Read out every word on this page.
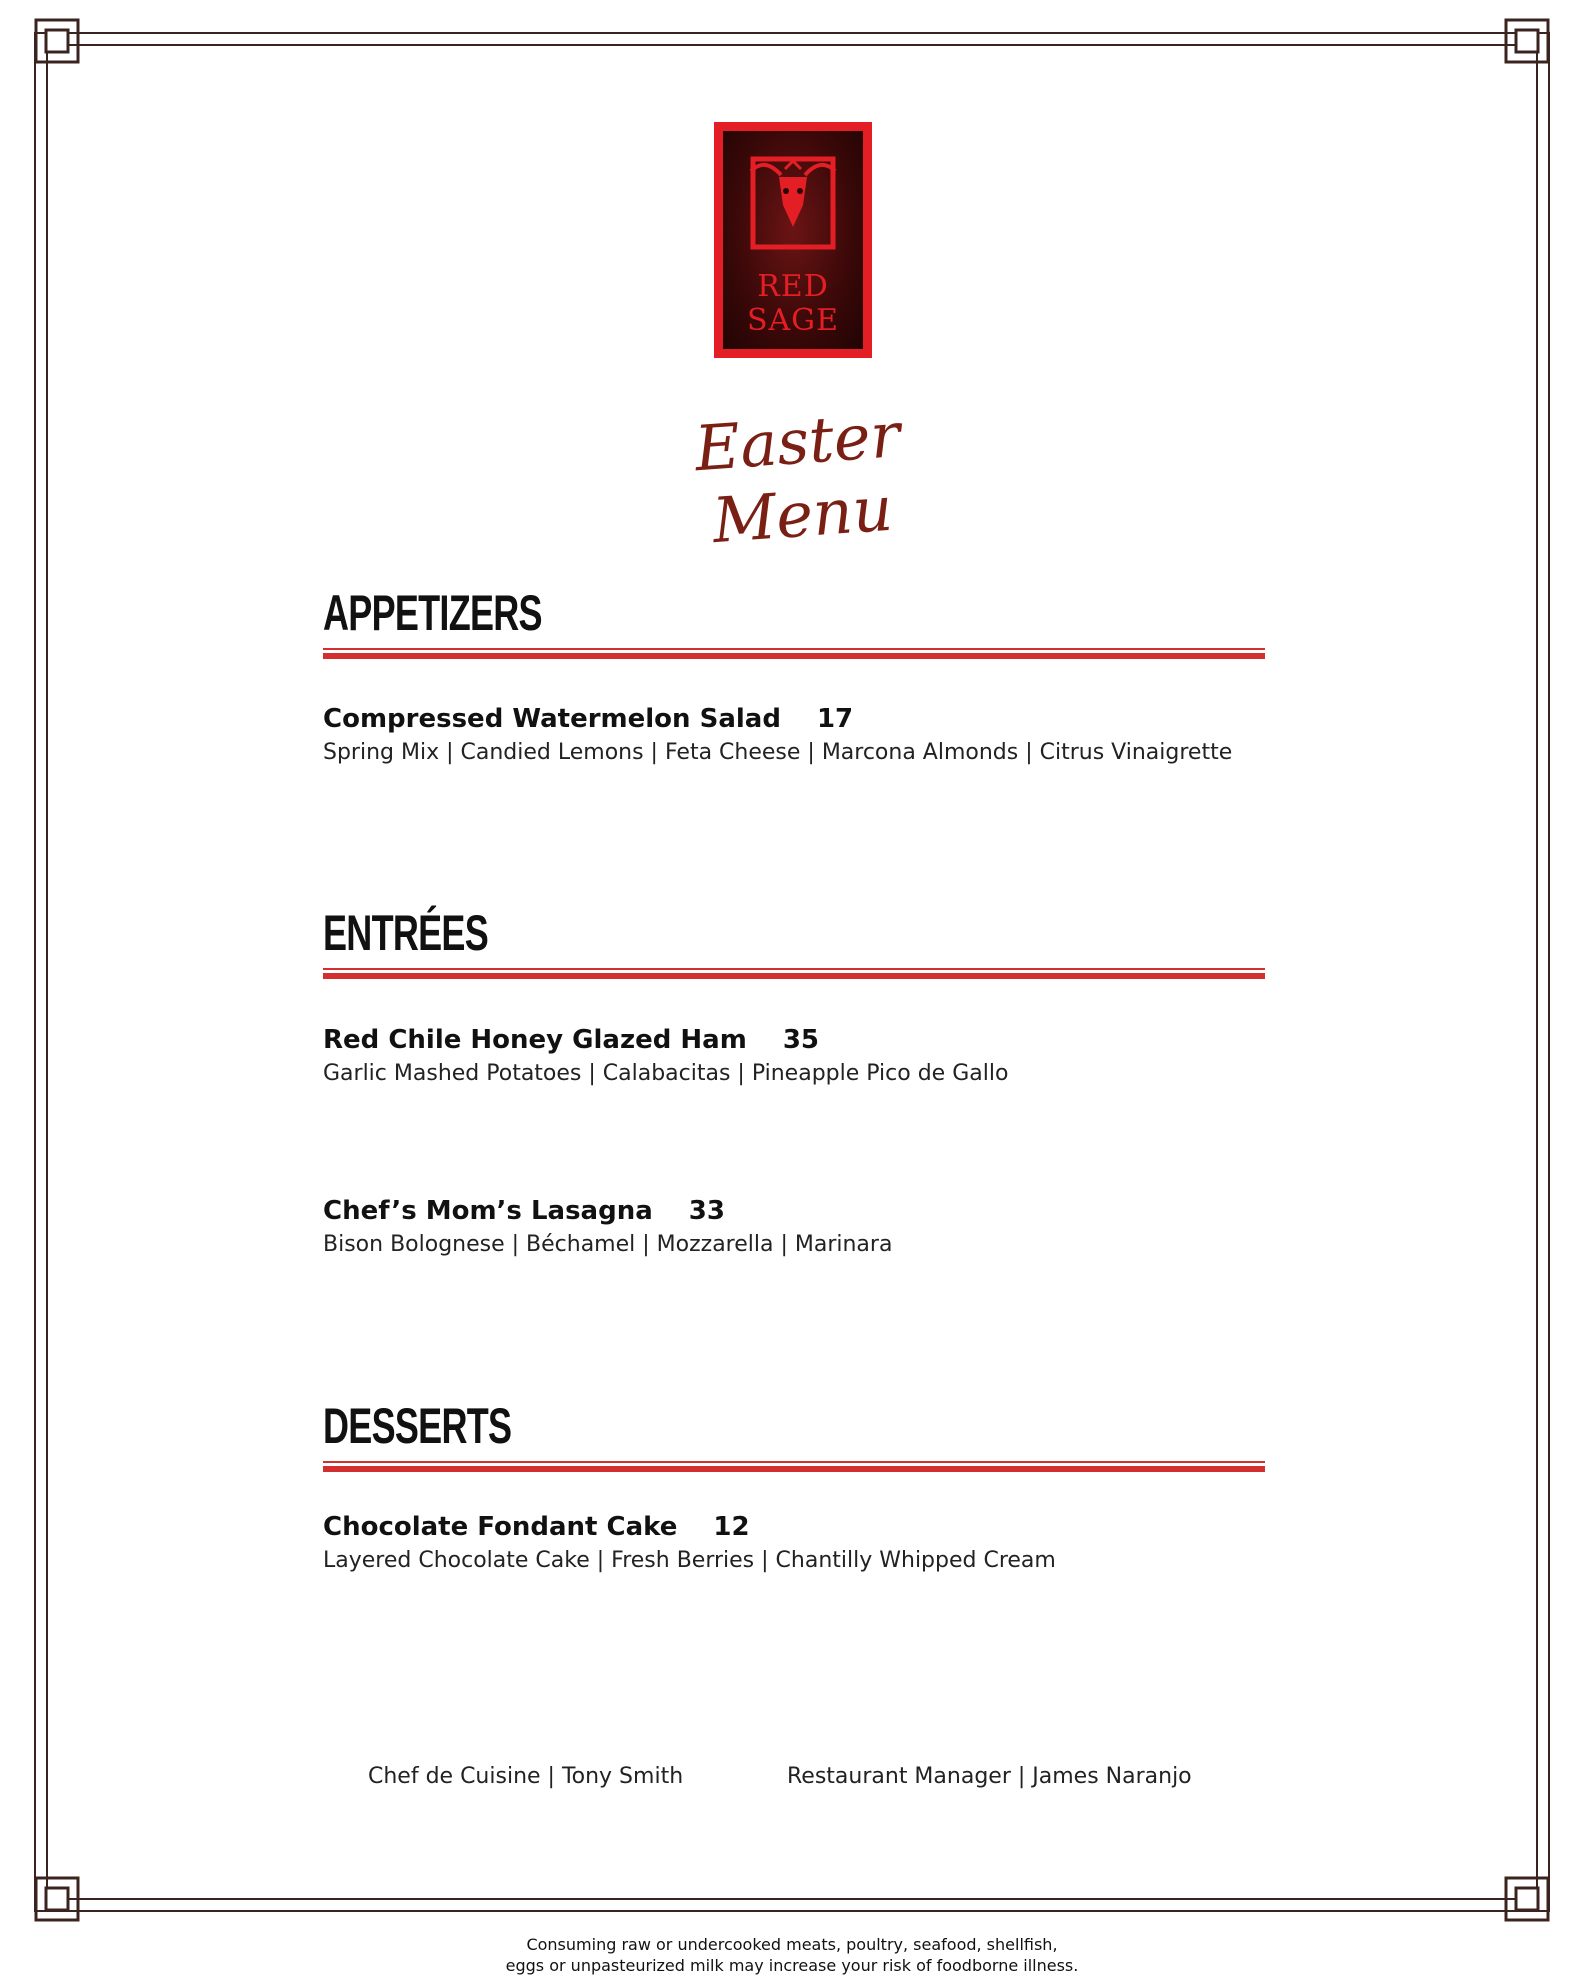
RED
SAGE
Easter Menu
APPETIZERS
Compressed Watermelon Salad 17
Spring Mix | Candied Lemons | Feta Cheese | Marcona Almonds | Citrus Vinaigrette
ENTRÉES
Red Chile Honey Glazed Ham 35
Garlic Mashed Potatoes | Calabacitas | Pineapple Pico de Gallo
Chef’s Mom’s Lasagna 33
Bison Bolognese | Béchamel | Mozzarella | Marinara
DESSERTS
Chocolate Fondant Cake 12
Layered Chocolate Cake | Fresh Berries | Chantilly Whipped Cream
Chef de Cuisine | Tony Smith	Restaurant Manager | James Naranjo
Consuming raw or undercooked meats, poultry, seafood, shellfish,
eggs or unpasteurized milk may increase your risk of foodborne illness.
